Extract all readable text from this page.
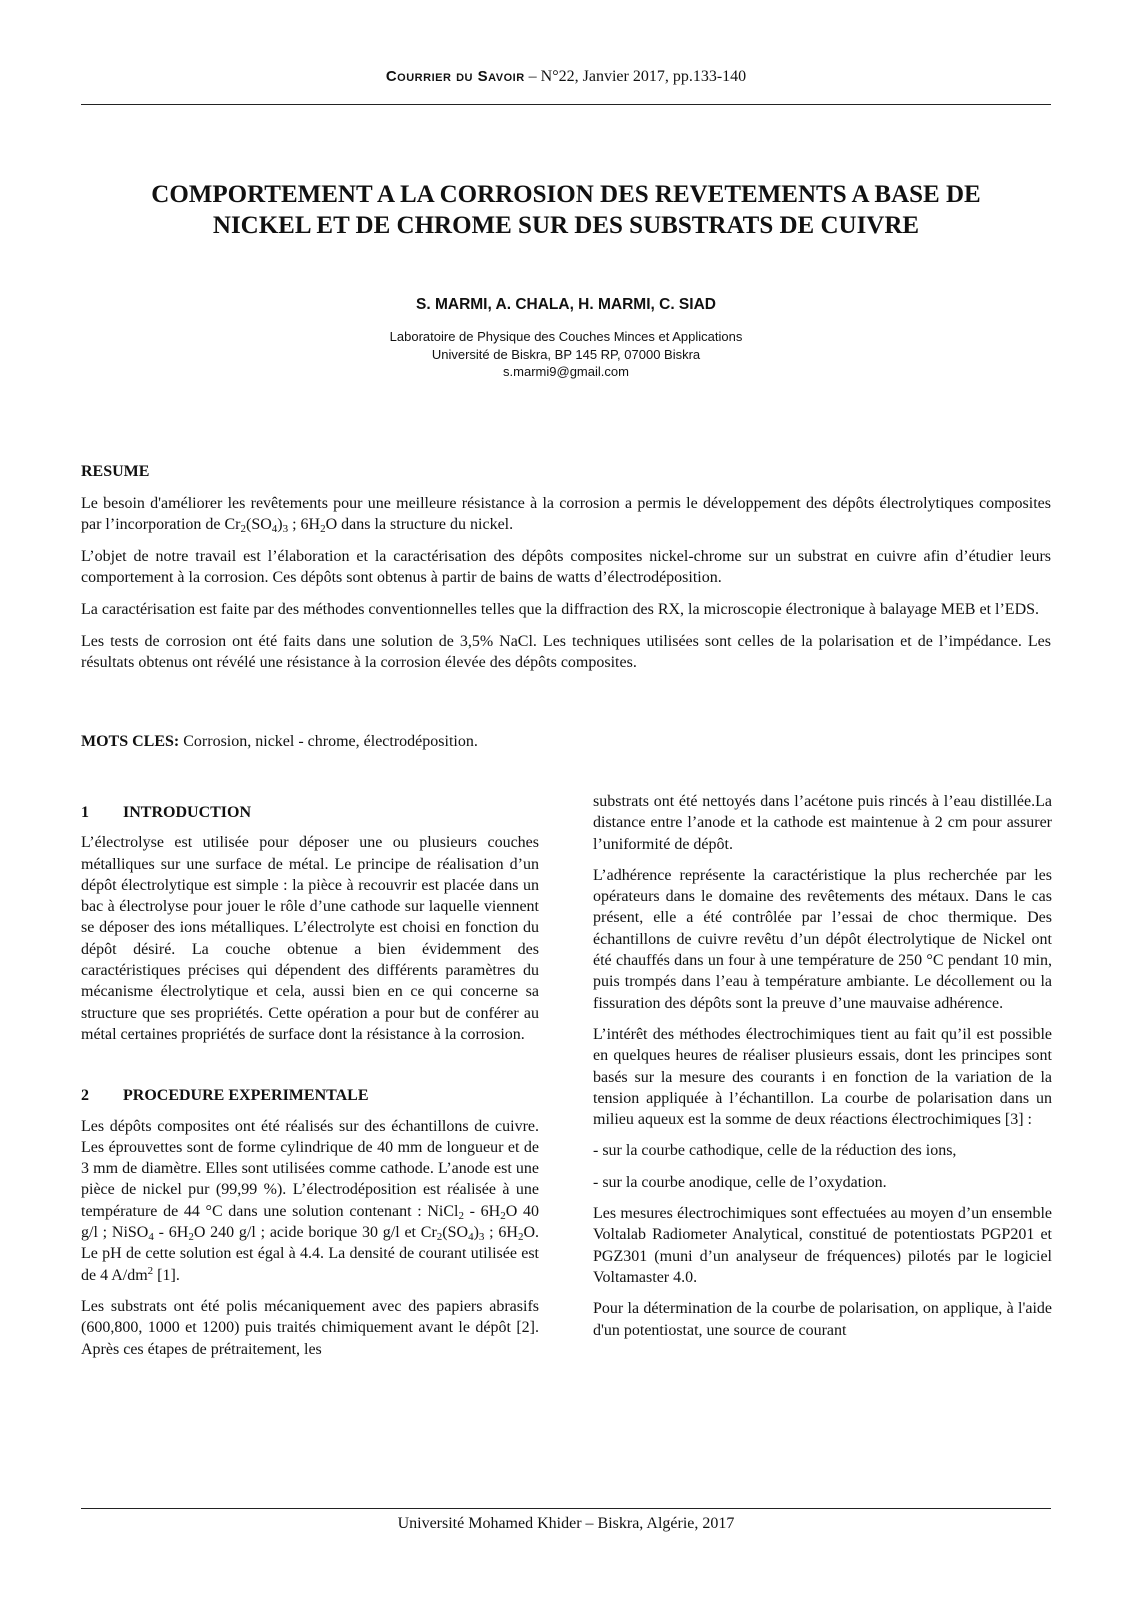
Courrier du Savoir – N°22, Janvier 2017, pp.133-140
COMPORTEMENT A LA CORROSION DES REVETEMENTS A BASE DE
NICKEL ET DE CHROME SUR DES SUBSTRATS DE CUIVRE
S. MARMI, A. CHALA, H. MARMI, C. SIAD
Laboratoire de Physique des Couches Minces et Applications
Université de Biskra, BP 145 RP, 07000 Biskra
s.marmi9@gmail.com
RESUME

Le besoin d'améliorer les revêtements pour une meilleure résistance à la corrosion a permis le développement des dépôts électrolytiques composites par l’incorporation de $Cr_2(SO_4)_3$ ; $6H_2O$ dans la structure du nickel.

L’objet de notre travail est l’élaboration et la caractérisation des dépôts composites nickel-chrome sur un substrat en cuivre afin d’étudier leurs comportement à la corrosion. Ces dépôts sont obtenus à partir de bains de watts d’électrodéposition.

La caractérisation est faite par des méthodes conventionnelles telles que la diffraction des RX, la microscopie électronique à balayage MEB et l’EDS.

Les tests de corrosion ont été faits dans une solution de 3,5% NaCl. Les techniques utilisées sont celles de la polarisation et de l’impédance. Les résultats obtenus ont révélé une résistance à la corrosion élevée des dépôts composites.

MOTS CLES: Corrosion, nickel - chrome, électrodéposition.
1 INTRODUCTION

L’électrolyse est utilisée pour déposer une ou plusieurs couches métalliques sur une surface de métal. Le principe de réalisation d’un dépôt électrolytique est simple : la pièce à recouvrir est placée dans un bac à électrolyse pour jouer le rôle d’une cathode sur laquelle viennent se déposer des ions métalliques. L’électrolyte est choisi en fonction du dépôt désiré. La couche obtenue a bien évidemment des caractéristiques précises qui dépendent des différents paramètres du mécanisme électrolytique et cela, aussi bien en ce qui concerne sa structure que ses propriétés. Cette opération a pour but de conférer au métal certaines propriétés de surface dont la résistance à la corrosion.

2 PROCEDURE EXPERIMENTALE

Les dépôts composites ont été réalisés sur des échantillons de cuivre. Les éprouvettes sont de forme cylindrique de 40 mm de longueur et de 3 mm de diamètre. Elles sont utilisées comme cathode. L’anode est une pièce de nickel pur (99,99 %). L’électrodéposition est réalisée à une température de 44 °C dans une solution contenant : NiCl$_2$ - $6H_2O$ 40 g/l ; NiSO$_4$ - $6H_2O$ 240 g/l ; acide borique 30 g/l et $Cr_2(SO_4)_3$ ; $6H_2O$. Le pH de cette solution est égal à 4.4. La densité de courant utilisée est de 4 $A/dm^2$ [1].

Les substrats ont été polis mécaniquement avec des papiers abrasifs (600,800, 1000 et 1200) puis traités chimiquement avant le dépôt [2]. Après ces étapes de prétraitement, les

substrats ont été nettoyés dans l’acétone puis rincés à l’eau distillée.La distance entre l’anode et la cathode est maintenue à 2 cm pour assurer l’uniformité de dépôt.

L’adhérence représente la caractéristique la plus recherchée par les opérateurs dans le domaine des revêtements des métaux. Dans le cas présent, elle a été contrôlée par l’essai de choc thermique. Des échantillons de cuivre revêtu d’un dépôt électrolytique de Nickel ont été chauffés dans un four à une température de 250 °C pendant 10 min, puis trompés dans l’eau à température ambiante. Le décollement ou la fissuration des dépôts sont la preuve d’une mauvaise adhérence.

L’intérêt des méthodes électrochimiques tient au fait qu’il est possible en quelques heures de réaliser plusieurs essais, dont les principes sont basés sur la mesure des courants i en fonction de la variation de la tension appliquée à l’échantillon. La courbe de polarisation dans un milieu aqueux est la somme de deux réactions électrochimiques [3] :

- sur la courbe cathodique, celle de la réduction des ions,

- sur la courbe anodique, celle de l’oxydation.

Les mesures électrochimiques sont effectuées au moyen d’un ensemble Voltalab Radiometer Analytical, constitué de potentiostats PGP201 et PGZ301 (muni d’un analyseur de fréquences) pilotés par le logiciel Voltamaster 4.0.

Pour la détermination de la courbe de polarisation, on applique, à l'aide d'un potentiostat, une source de courant

Université Mohamed Khider – Biskra, Algérie, 2017
